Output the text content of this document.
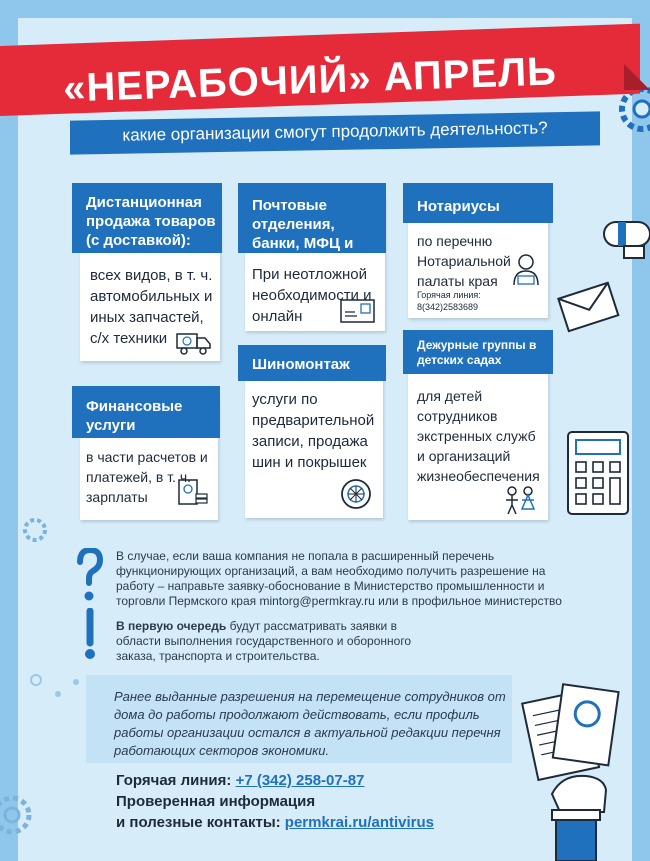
«НЕРАБОЧИЙ» АПРЕЛЬ
какие организации смогут продолжить деятельность?
Дистанционная продажа товаров (с доставкой):
всех видов, в т. ч. автомобильных и иных запчастей, с/х техники
Почтовые отделения, банки, МФЦ и салоны связи
При неотложной необходимости и онлайн
Нотариусы
по перечню Нотариальной палаты края
Горячая линия:
8(342)2583689
Шиномонтаж
услуги по предварительной записи, продажа шин и покрышек
Финансовые услуги
в части расчетов и платежей, в т. ч. зарплаты
Дежурные группы в детских садах
для детей сотрудников экстренных служб и организаций жизнеобеспечения
В случае, если ваша компания не попала в расширенный перечень функционирующих организаций, а вам необходимо получить разрешение на работу – направьте заявку-обоснование в Министерство промышленности и торговли Пермского края mintorg@permkray.ru или в профильное министерство
В первую очередь будут рассматривать заявки в области выполнения государственного и оборонного заказа, транспорта и строительства.
Ранее выданные разрешения на перемещение сотрудников от дома до работы продолжают действовать, если профиль работы организации остался в актуальной редакции перечня работающих секторов экономики.
Горячая линия: +7 (342) 258-07-87
Проверенная информация
и полезные контакты: permkrai.ru/antivirus
